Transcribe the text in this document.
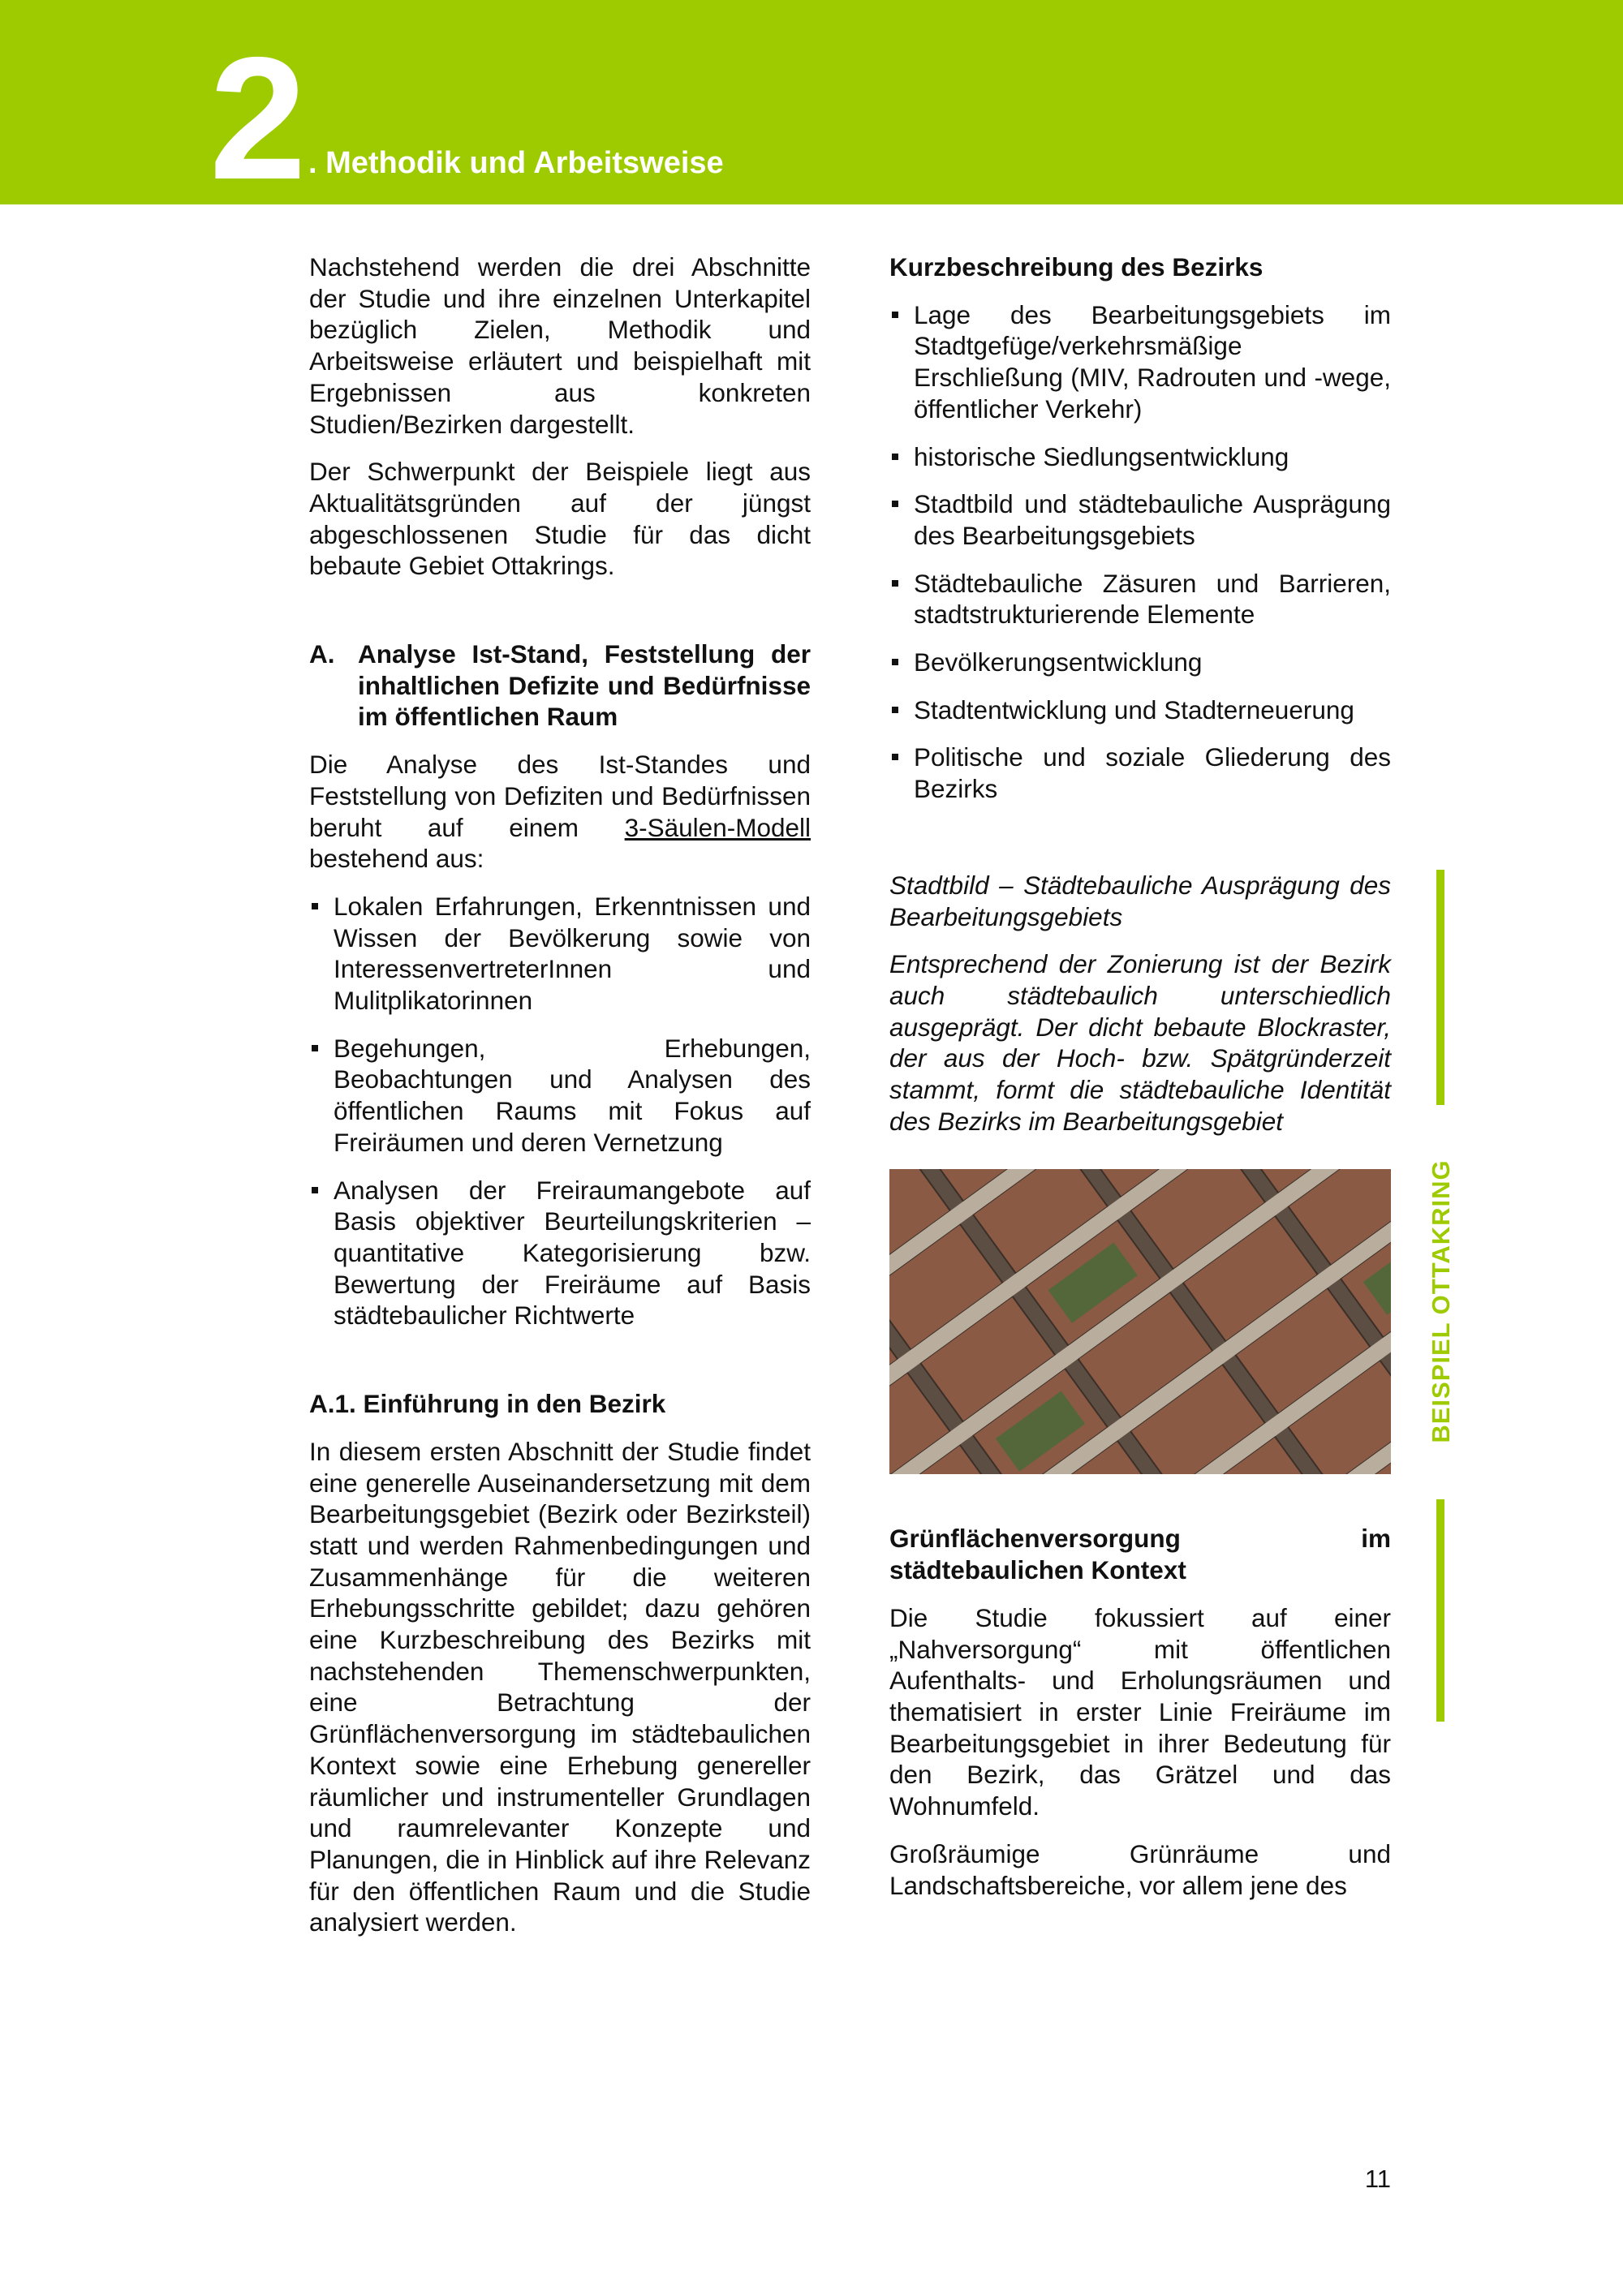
2 . Methodik und Arbeitsweise

Nachstehend werden die drei Abschnitte der Studie und ihre einzelnen Unterkapitel bezüglich Zielen, Methodik und Arbeitsweise erläutert und beispielhaft mit Ergebnissen aus konkreten Studien/Bezirken dargestellt.

Der Schwerpunkt der Beispiele liegt aus Aktualitätsgründen auf der jüngst abgeschlossenen Studie für das dicht bebaute Gebiet Ottakrings.

A. Analyse Ist-Stand, Feststellung der inhaltlichen Defizite und Bedürfnisse im öffentlichen Raum

Die Analyse des Ist-Standes und Feststellung von Defiziten und Bedürfnissen beruht auf einem 3-Säulen-Modell bestehend aus:

Lokalen Erfahrungen, Erkenntnissen und Wissen der Bevölkerung sowie von InteressenvertreterInnen und Mulitplikatorinnen
Begehungen, Erhebungen, Beobachtungen und Analysen des öffentlichen Raums mit Fokus auf Freiräumen und deren Vernetzung
Analysen der Freiraumangebote auf Basis objektiver Beurteilungskriterien – quantitative Kategorisierung bzw. Bewertung der Freiräume auf Basis städtebaulicher Richtwerte
A.1. Einführung in den Bezirk

In diesem ersten Abschnitt der Studie findet eine generelle Auseinandersetzung mit dem Bearbeitungsgebiet (Bezirk oder Bezirksteil) statt und werden Rahmenbedingungen und Zusammenhänge für die weiteren Erhebungsschritte gebildet; dazu gehören eine Kurzbeschreibung des Bezirks mit nachstehenden Themenschwerpunkten, eine Betrachtung der Grünflächenversorgung im städtebaulichen Kontext sowie eine Erhebung genereller räumlicher und instrumenteller Grundlagen und raumrelevanter Konzepte und Planungen, die in Hinblick auf ihre Relevanz für den öffentlichen Raum und die Studie analysiert werden.

Kurzbeschreibung des Bezirks
Lage des Bearbeitungsgebiets im Stadtgefüge/verkehrsmäßige Erschließung (MIV, Radrouten und -wege, öffentlicher Verkehr)
historische Siedlungsentwicklung
Stadtbild und städtebauliche Ausprägung des Bearbeitungsgebiets
Städtebauliche Zäsuren und Barrieren, stadtstrukturierende Elemente
Bevölkerungsentwicklung
Stadtentwicklung und Stadterneuerung
Politische und soziale Gliederung des Bezirks

Stadtbild – Städtebauliche Ausprägung des Bearbeitungsgebiets

Entsprechend der Zonierung ist der Bezirk auch städtebaulich unterschiedlich ausgeprägt. Der dicht bebaute Blockraster, der aus der Hoch- bzw. Spätgründerzeit stammt, formt die städtebauliche Identität des Bezirks im Bearbeitungsgebiet

Grünflächenversorgung im städtebaulichen Kontext

Die Studie fokussiert auf einer „Nahversorgung“ mit öffentlichen Aufenthalts- und Erholungsräumen und thematisiert in erster Linie Freiräume im Bearbeitungsgebiet in ihrer Bedeutung für den Bezirk, das Grätzel und das Wohnumfeld.

Großräumige Grünräume und Landschaftsbereiche, vor allem jene des

BEISPIEL OTTAKRING
11
